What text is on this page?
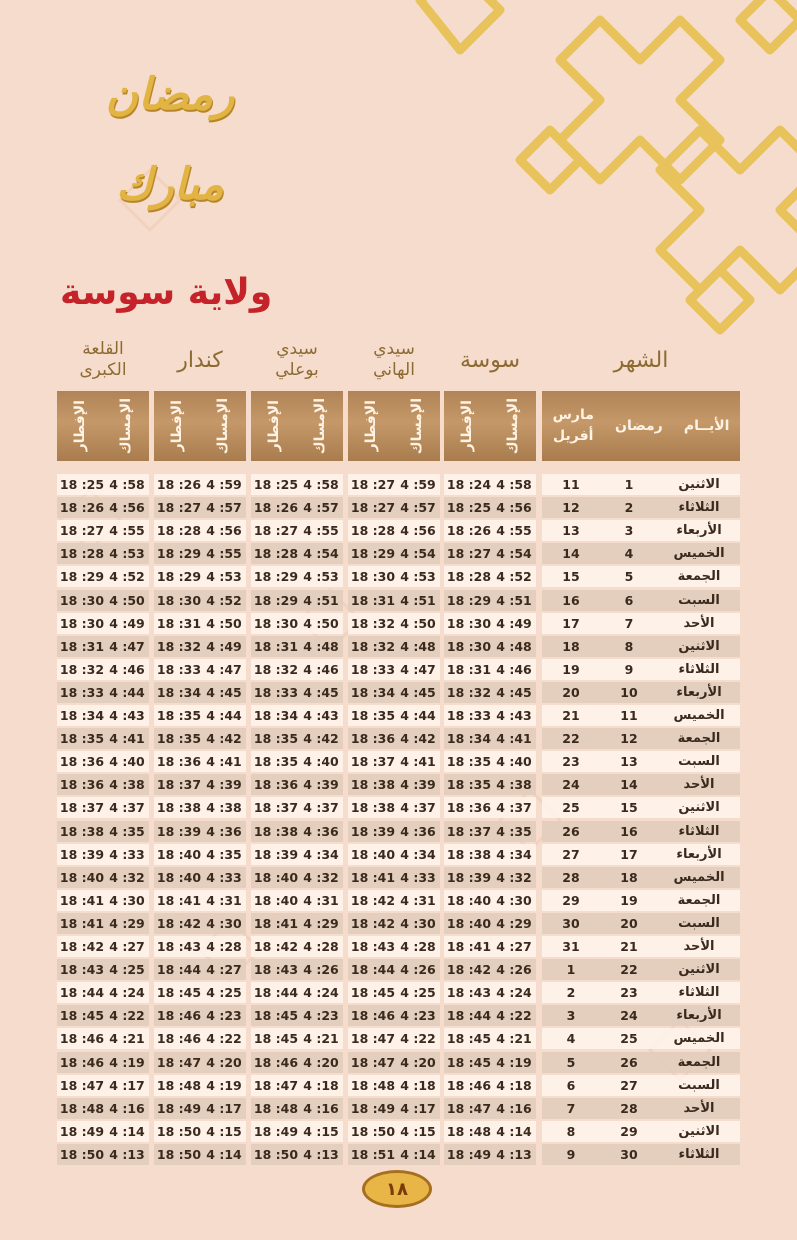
رمضان مبارك
ولاية سوسة
الشهر
سوسة
سيدي
الهاني
سيدي
بوعلي
كندار
القلعة
الكبرى
مارس
أفريل
رمضان الأيــام
الإفطار الإمساك
الإفطار الإمساك
الإفطار الإمساك
الإفطار الإمساك
الإفطار الإمساك
11	1	الاثنين
18 :24 4 :58
18 :27 4 :59
18 :25 4 :58
18 :26 4 :59
18 :25 4 :58
12	2	الثلاثاء
18 :25 4 :56
18 :27 4 :57
18 :26 4 :57
18 :27 4 :57
18 :26 4 :56
13	3	الأربعاء
18 :26 4 :55
18 :28 4 :56
18 :27 4 :55
18 :28 4 :56
18 :27 4 :55
14	4	الخميس
18 :27 4 :54
18 :29 4 :54
18 :28 4 :54
18 :29 4 :55
18 :28 4 :53
15	5	الجمعة
18 :28 4 :52
18 :30 4 :53
18 :29 4 :53
18 :29 4 :53
18 :29 4 :52
16	6	السبت
18 :29 4 :51
18 :31 4 :51
18 :29 4 :51
18 :30 4 :52
18 :30 4 :50
17	7	الأحد
18 :30 4 :49
18 :32 4 :50
18 :30 4 :50
18 :31 4 :50
18 :30 4 :49
18	8	الاثنين
18 :30 4 :48
18 :32 4 :48
18 :31 4 :48
18 :32 4 :49
18 :31 4 :47
19	9	الثلاثاء
18 :31 4 :46
18 :33 4 :47
18 :32 4 :46
18 :33 4 :47
18 :32 4 :46
20	10	الأربعاء
18 :32 4 :45
18 :34 4 :45
18 :33 4 :45
18 :34 4 :45
18 :33 4 :44
21	11	الخميس
18 :33 4 :43
18 :35 4 :44
18 :34 4 :43
18 :35 4 :44
18 :34 4 :43
22	12	الجمعة
18 :34 4 :41
18 :36 4 :42
18 :35 4 :42
18 :35 4 :42
18 :35 4 :41
23	13	السبت
18 :35 4 :40
18 :37 4 :41
18 :35 4 :40
18 :36 4 :41
18 :36 4 :40
24	14	الأحد
18 :35 4 :38
18 :38 4 :39
18 :36 4 :39
18 :37 4 :39
18 :36 4 :38
25	15	الاثنين
18 :36 4 :37
18 :38 4 :37
18 :37 4 :37
18 :38 4 :38
18 :37 4 :37
26	16	الثلاثاء
18 :37 4 :35
18 :39 4 :36
18 :38 4 :36
18 :39 4 :36
18 :38 4 :35
27	17	الأربعاء
18 :38 4 :34
18 :40 4 :34
18 :39 4 :34
18 :40 4 :35
18 :39 4 :33
28	18	الخميس
18 :39 4 :32
18 :41 4 :33
18 :40 4 :32
18 :40 4 :33
18 :40 4 :32
29	19	الجمعة
18 :40 4 :30
18 :42 4 :31
18 :40 4 :31
18 :41 4 :31
18 :41 4 :30
30	20	السبت
18 :40 4 :29
18 :42 4 :30
18 :41 4 :29
18 :42 4 :30
18 :41 4 :29
31	21	الأحد
18 :41 4 :27
18 :43 4 :28
18 :42 4 :28
18 :43 4 :28
18 :42 4 :27
1	22	الاثنين
18 :42 4 :26
18 :44 4 :26
18 :43 4 :26
18 :44 4 :27
18 :43 4 :25
2	23	الثلاثاء
18 :43 4 :24
18 :45 4 :25
18 :44 4 :24
18 :45 4 :25
18 :44 4 :24
3	24	الأربعاء
18 :44 4 :22
18 :46 4 :23
18 :45 4 :23
18 :46 4 :23
18 :45 4 :22
4	25	الخميس
18 :45 4 :21
18 :47 4 :22
18 :45 4 :21
18 :46 4 :22
18 :46 4 :21
5	26	الجمعة
18 :45 4 :19
18 :47 4 :20
18 :46 4 :20
18 :47 4 :20
18 :46 4 :19
6	27	السبت
18 :46 4 :18
18 :48 4 :18
18 :47 4 :18
18 :48 4 :19
18 :47 4 :17
7	28	الأحد
18 :47 4 :16
18 :49 4 :17
18 :48 4 :16
18 :49 4 :17
18 :48 4 :16
8	29	الاثنين
18 :48 4 :14
18 :50 4 :15
18 :49 4 :15
18 :50 4 :15
18 :49 4 :14
9	30	الثلاثاء
18 :49 4 :13
18 :51 4 :14
18 :50 4 :13
18 :50 4 :14
18 :50 4 :13
١٨
